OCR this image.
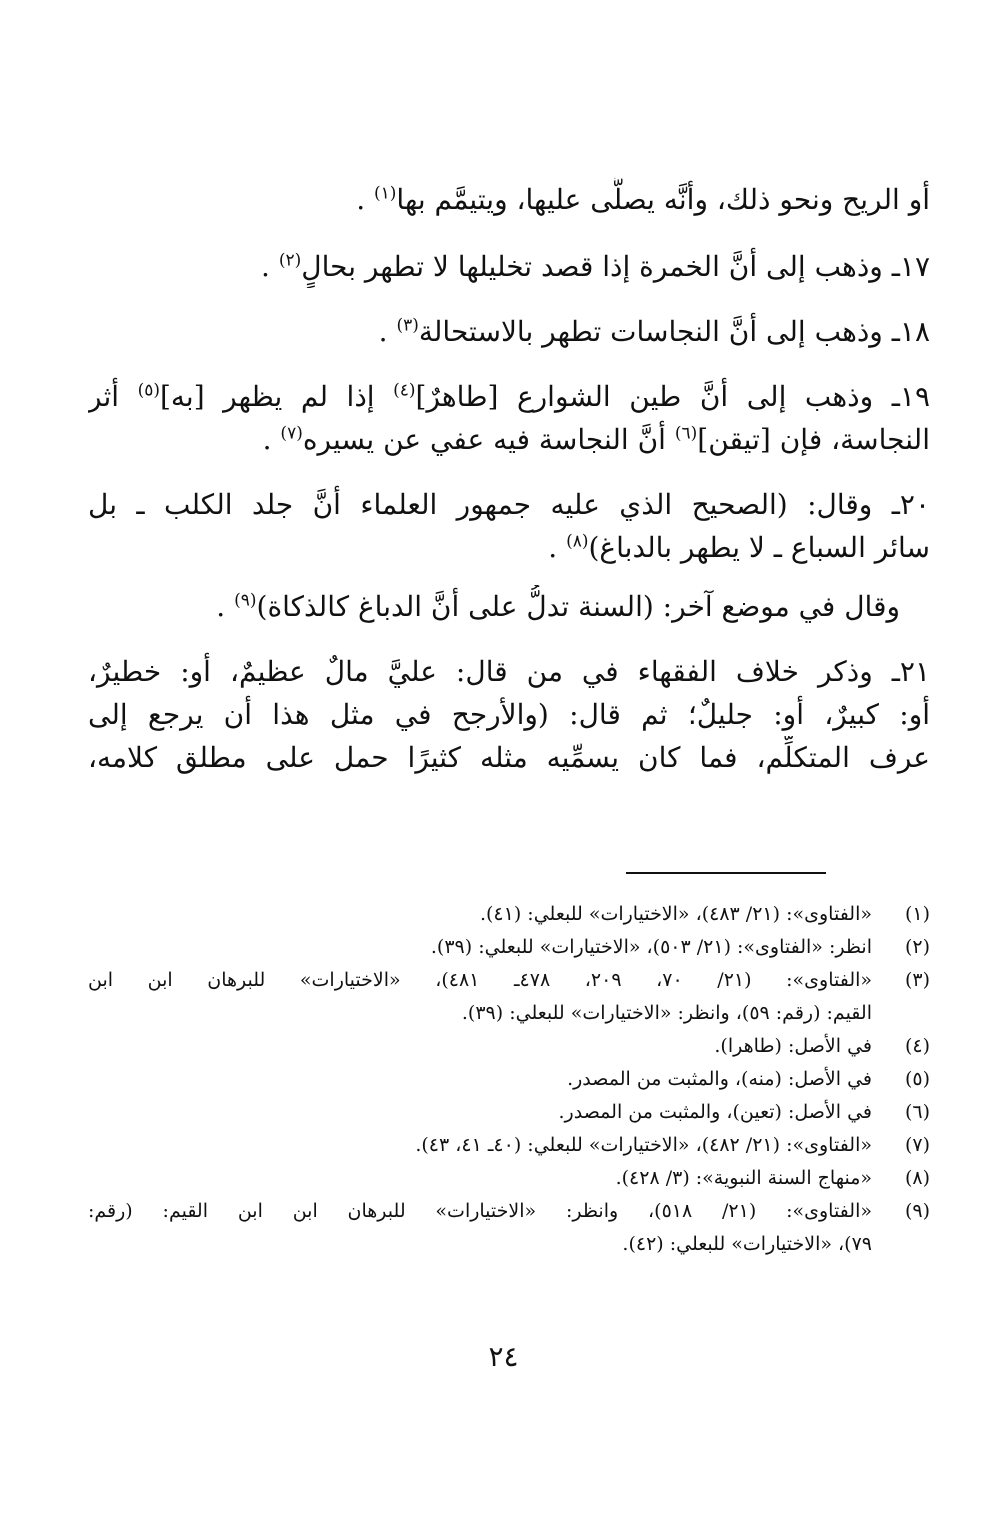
أو الريح ونحو ذلك، وأنَّه يصلَّى عليها، ويتيمَّم بها$^{(١)}$ .

١٧ـ وذهب إلى أنَّ الخمرة إذا قصد تخليلها لا تطهر بحالٍ$^{(٢)}$ .

١٨ـ وذهب إلى أنَّ النجاسات تطهر بالاستحالة$^{(٣)}$ .

١٩ـ وذهب إلى أنَّ طين الشوارع [طاهرٌ]$^{(٤)}$ إذا لم يظهر [به]$^{(٥)}$ أثر
النجاسة، فإن [تيقن]$^{(٦)}$ أنَّ النجاسة فيه عفي عن يسيره$^{(٧)}$ .

٢٠ـ وقال: (الصحيح الذي عليه جمهور العلماء أنَّ جلد الكلب ـ بل
سائر السباع ـ لا يطهر بالدباغ)$^{(٨)}$ .

وقال في موضع آخر: (السنة تدلُّ على أنَّ الدباغ كالذكاة)$^{(٩)}$ .

٢١ـ وذكر خلاف الفقهاء في من قال: عليَّ مالٌ عظيمٌ، أو: خطيرٌ،
أو: كبيرٌ، أو: جليلٌ؛ ثم قال: (والأرجح في مثل هذا أن يرجع إلى
عرف المتكلِّم، فما كان يسمِّيه مثله كثيرًا حمل على مطلق كلامه،

(١)
«الفتاوى»: (٢١/ ٤٨٣)، «الاختيارات» للبعلي: (٤١).
(٢)
انظر: «الفتاوى»: (٢١/ ٥٠٣)، «الاختيارات» للبعلي: (٣٩).
(٣)
«الفتاوى»: (٢١/ ٧٠، ٢٠٩، ٤٧٨ـ ٤٨١)، «الاختيارات» للبرهان ابن ابن
القيم: (رقم: ٥٩)، وانظر: «الاختيارات» للبعلي: (٣٩).
(٤)
في الأصل: (طاهرا).
(٥)
في الأصل: (منه)، والمثبت من المصدر.
(٦)
في الأصل: (تعين)، والمثبت من المصدر.
(٧)
«الفتاوى»: (٢١/ ٤٨٢)، «الاختيارات» للبعلي: (٤٠ـ ٤١، ٤٣).
(٨)
«منهاج السنة النبوية»: (٣/ ٤٢٨).
(٩)
«الفتاوى»: (٢١/ ٥١٨)، وانظر: «الاختيارات» للبرهان ابن ابن القيم: (رقم:
٧٩)، «الاختيارات» للبعلي: (٤٢).
٢٤
